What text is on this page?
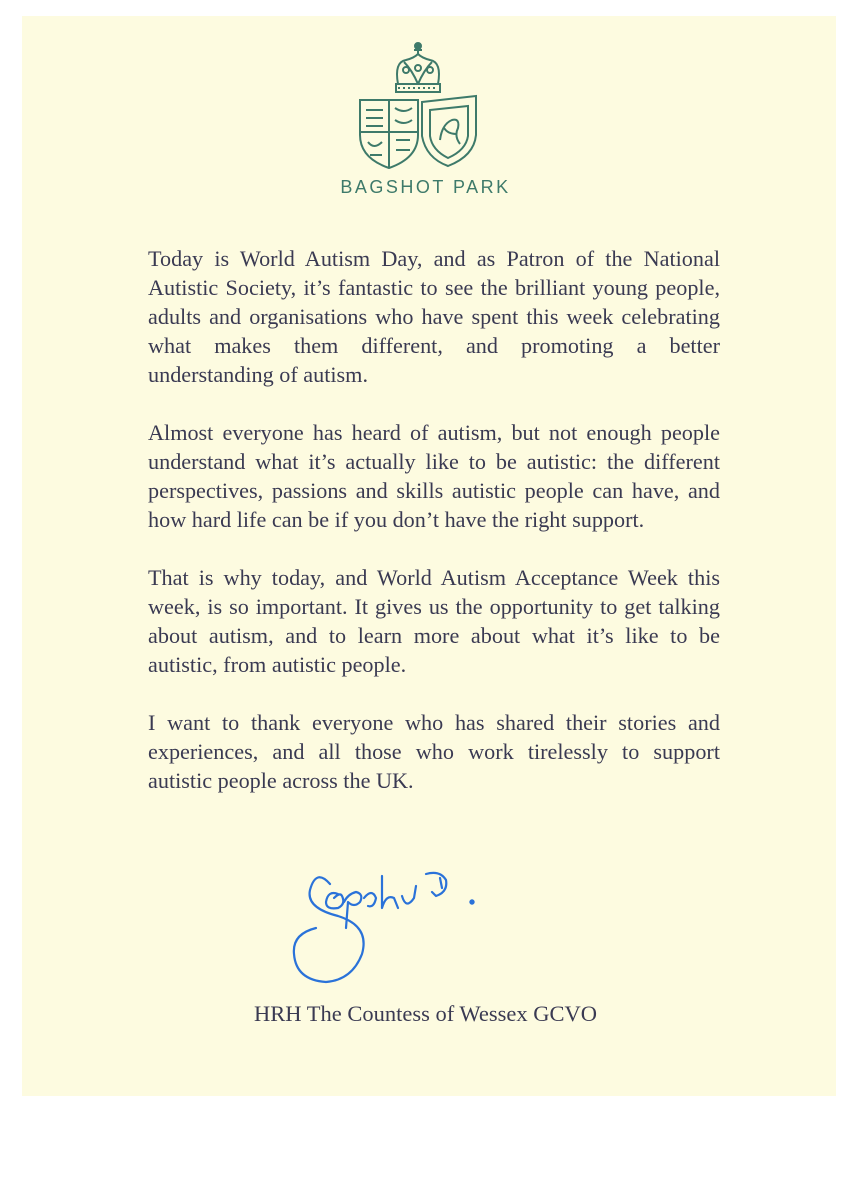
BAGSHOT PARK

Today is World Autism Day, and as Patron of the National Autistic Society, it’s fantastic to see the brilliant young people, adults and organisations who have spent this week celebrating what makes them different, and promoting a better understanding of autism.

Almost everyone has heard of autism, but not enough people understand what it’s actually like to be autistic: the different perspectives, passions and skills autistic people can have, and how hard life can be if you don’t have the right support.

That is why today, and World Autism Acceptance Week this week, is so important. It gives us the opportunity to get talking about autism, and to learn more about what it’s like to be autistic, from autistic people.

I want to thank everyone who has shared their stories and experiences, and all those who work tirelessly to support autistic people across the UK.

HRH The Countess of Wessex GCVO
